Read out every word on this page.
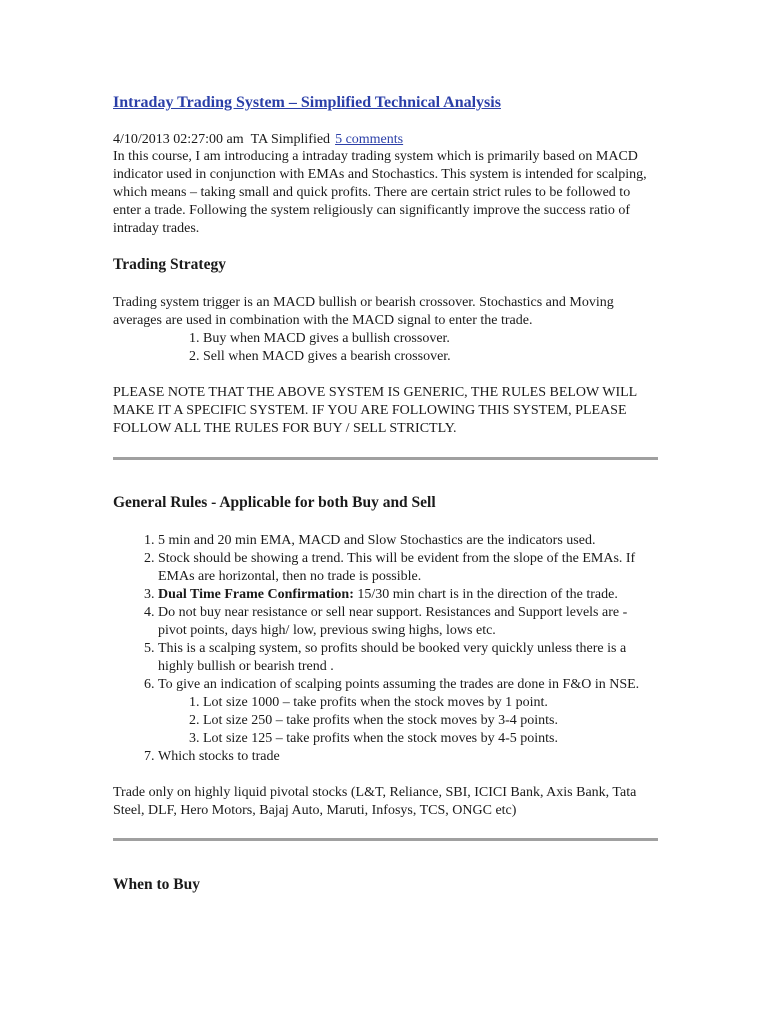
Intraday Trading System – Simplified Technical Analysis
4/10/2013 02:27:00 am TA Simplified 5 comments

In this course, I am introducing a intraday trading system which is primarily based on MACD indicator used in conjunction with EMAs and Stochastics. This system is intended for scalping, which means – taking small and quick profits. There are certain strict rules to be followed to enter a trade. Following the system religiously can significantly improve the success ratio of intraday trades.

Trading Strategy

Trading system trigger is an MACD bullish or bearish crossover. Stochastics and Moving averages are used in combination with the MACD signal to enter the trade.

1. Buy when MACD gives a bullish crossover.
2. Sell when MACD gives a bearish crossover.

PLEASE NOTE THAT THE ABOVE SYSTEM IS GENERIC, THE RULES BELOW WILL MAKE IT A SPECIFIC SYSTEM. IF YOU ARE FOLLOWING THIS SYSTEM, PLEASE FOLLOW ALL THE RULES FOR BUY / SELL STRICTLY.

General Rules - Applicable for both Buy and Sell
1. 5 min and 20 min EMA, MACD and Slow Stochastics are the indicators used.
2. Stock should be showing a trend. This will be evident from the slope of the EMAs. If EMAs are horizontal, then no trade is possible.
3. Dual Time Frame Confirmation: 15/30 min chart is in the direction of the trade.
4. Do not buy near resistance or sell near support. Resistances and Support levels are - pivot points, days high/ low, previous swing highs, lows etc.
5. This is a scalping system, so profits should be booked very quickly unless there is a highly bullish or bearish trend .
6. To give an indication of scalping points assuming the trades are done in F&O in NSE.
1. Lot size 1000 – take profits when the stock moves by 1 point.
2. Lot size 250 – take profits when the stock moves by 3-4 points.
3. Lot size 125 – take profits when the stock moves by 4-5 points.
7. Which stocks to trade

Trade only on highly liquid pivotal stocks (L&T, Reliance, SBI, ICICI Bank, Axis Bank, Tata Steel, DLF, Hero Motors, Bajaj Auto, Maruti, Infosys, TCS, ONGC etc)

When to Buy
